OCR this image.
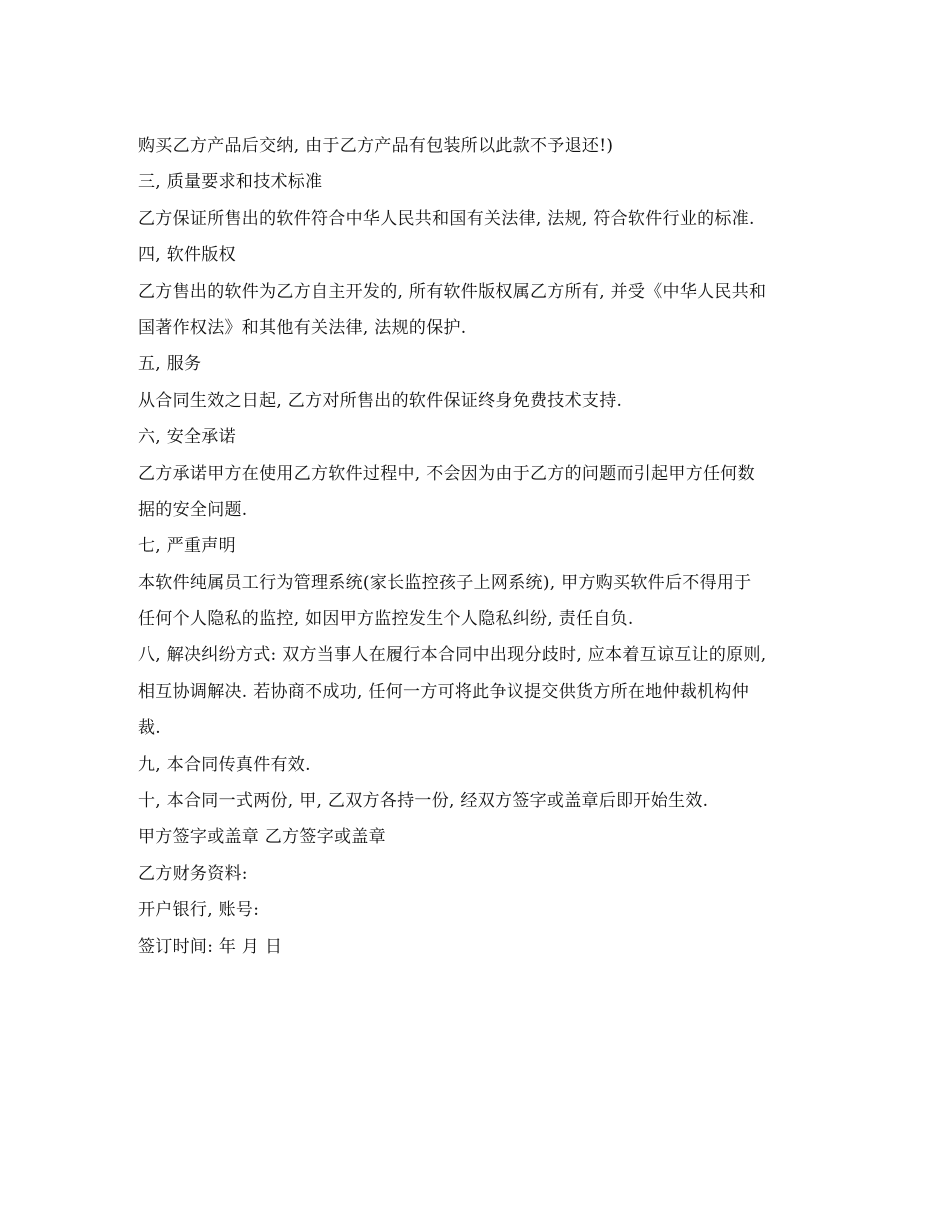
购买乙方产品后交纳, 由于乙方产品有包装所以此款不予退还!)
三, 质量要求和技术标准
乙方保证所售出的软件符合中华人民共和国有关法律, 法规, 符合软件行业的标准.
四, 软件版权
乙方售出的软件为乙方自主开发的, 所有软件版权属乙方所有, 并受《中华人民共和
国著作权法》和其他有关法律, 法规的保护.
五, 服务
从合同生效之日起, 乙方对所售出的软件保证终身免费技术支持.
六, 安全承诺
乙方承诺甲方在使用乙方软件过程中, 不会因为由于乙方的问题而引起甲方任何数
据的安全问题.
七, 严重声明
本软件纯属员工行为管理系统(家长监控孩子上网系统), 甲方购买软件后不得用于
任何个人隐私的监控, 如因甲方监控发生个人隐私纠纷, 责任自负.
八, 解决纠纷方式: 双方当事人在履行本合同中出现分歧时, 应本着互谅互让的原则,
相互协调解决. 若协商不成功, 任何一方可将此争议提交供货方所在地仲裁机构仲
裁.
九, 本合同传真件有效.
十, 本合同一式两份, 甲, 乙双方各持一份, 经双方签字或盖章后即开始生效.
甲方签字或盖章 乙方签字或盖章
乙方财务资料:
开户银行, 账号:
签订时间: 年 月 日
